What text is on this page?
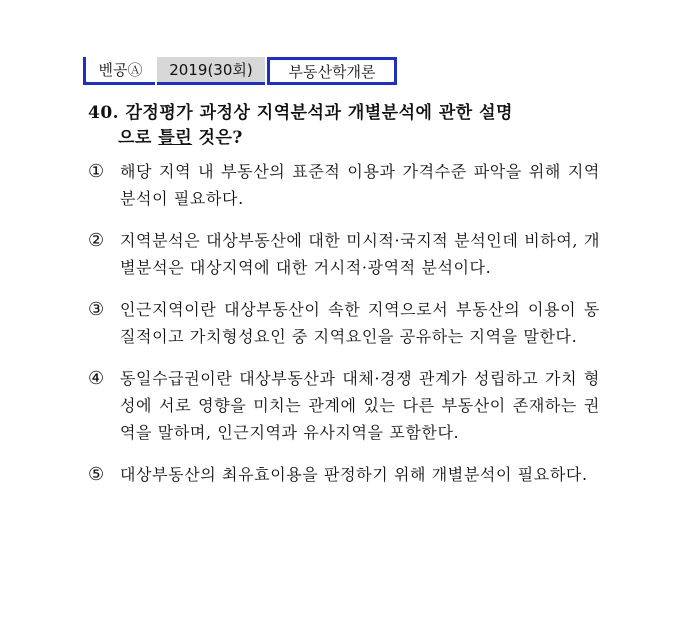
벤공Ⓐ	2019(30회)	부동산학개론
40. 감정평가 과정상 지역분석과 개별분석에 관한 설명
으로 틀린 것은?
① 해당 지역 내 부동산의 표준적 이용과 가격수준 파악을 위해 지역분석이 필요하다.
② 지역분석은 대상부동산에 대한 미시적·국지적 분석인데 비하여, 개별분석은 대상지역에 대한 거시적·광역적 분석이다.
③ 인근지역이란 대상부동산이 속한 지역으로서 부동산의 이용이 동질적이고 가치형성요인 중 지역요인을 공유하는 지역을 말한다.
④ 동일수급권이란 대상부동산과 대체·경쟁 관계가 성립하고 가치 형성에 서로 영향을 미치는 관계에 있는 다른 부동산이 존재하는 권역을 말하며, 인근지역과 유사지역을 포함한다.
⑤ 대상부동산의 최유효이용을 판정하기 위해 개별분석이 필요하다.
